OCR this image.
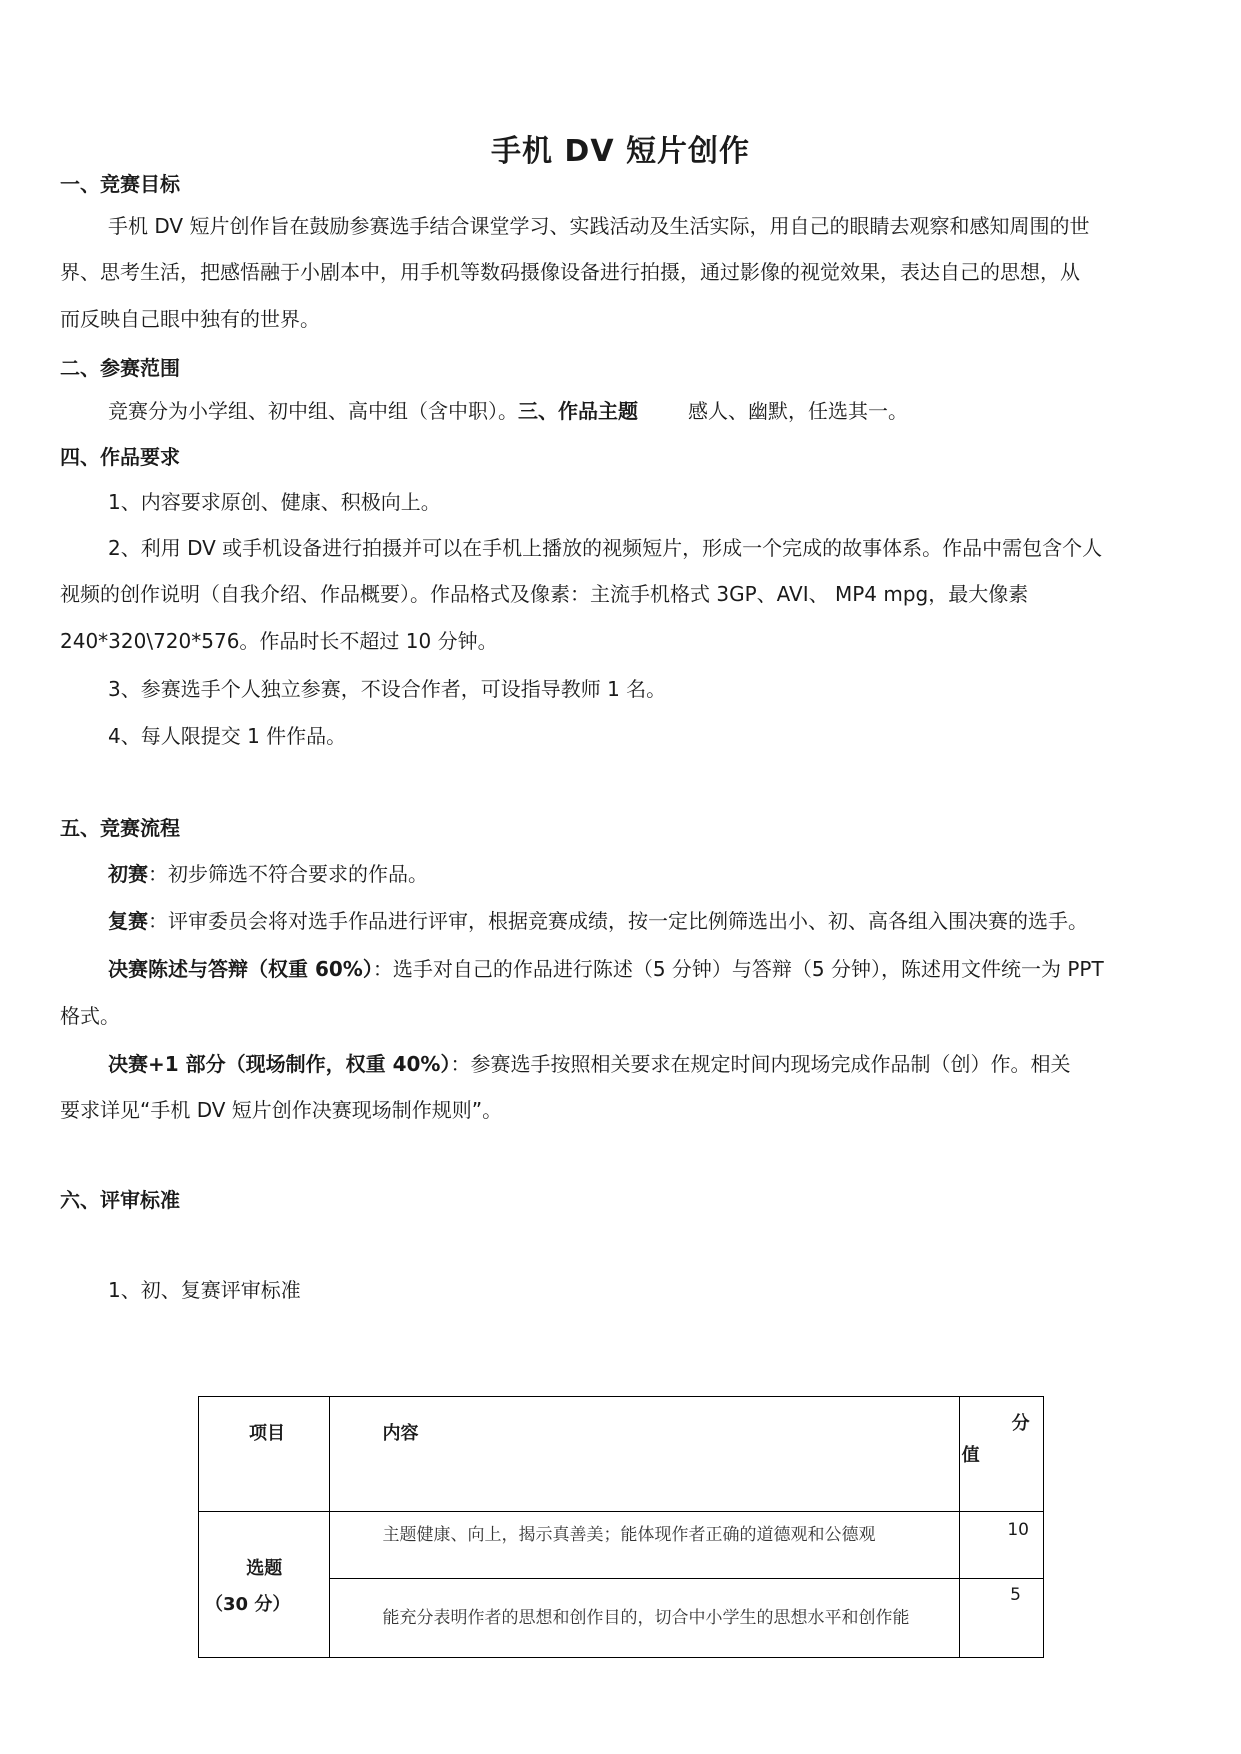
手机 DV 短片创作

一、竞赛目标

手机 DV 短片创作旨在鼓励参赛选手结合课堂学习、实践活动及生活实际，用自己的眼睛去观察和感知周围的世

界、思考生活，把感悟融于小剧本中，用手机等数码摄像设备进行拍摄，通过影像的视觉效果，表达自己的思想，从

而反映自己眼中独有的世界。

二、参赛范围

竞赛分为小学组、初中组、高中组（含中职）。三、作品主题	感人、幽默，任选其一。

四、作品要求

1、内容要求原创、健康、积极向上。

2、利用 DV 或手机设备进行拍摄并可以在手机上播放的视频短片，形成一个完成的故事体系。作品中需包含个人

视频的创作说明（自我介绍、作品概要）。作品格式及像素：主流手机格式 3GP、AVI、 MP4 mpg，最大像素

240*320\720*576。作品时长不超过 10 分钟。

3、参赛选手个人独立参赛，不设合作者，可设指导教师 1 名。

4、每人限提交 1 件作品。

五、竞赛流程

初赛：初步筛选不符合要求的作品。

复赛：评审委员会将对选手作品进行评审，根据竞赛成绩，按一定比例筛选出小、初、高各组入围决赛的选手。

决赛陈述与答辩（权重 60%）：选手对自己的作品进行陈述（5 分钟）与答辩（5 分钟），陈述用文件统一为 PPT

格式。

决赛+1 部分（现场制作，权重 40%）：参赛选手按照相关要求在规定时间内现场完成作品制（创）作。相关

要求详见“手机 DV 短片创作决赛现场制作规则”。

六、评审标准

1、初、复赛评审标准

项目	内容	分
值

选题
（30 分）	主题健康、向上，揭示真善美；能体现作者正确的道德观和公德观	10
	能充分表明作者的思想和创作目的，切合中小学生的思想水平和创作能	5
